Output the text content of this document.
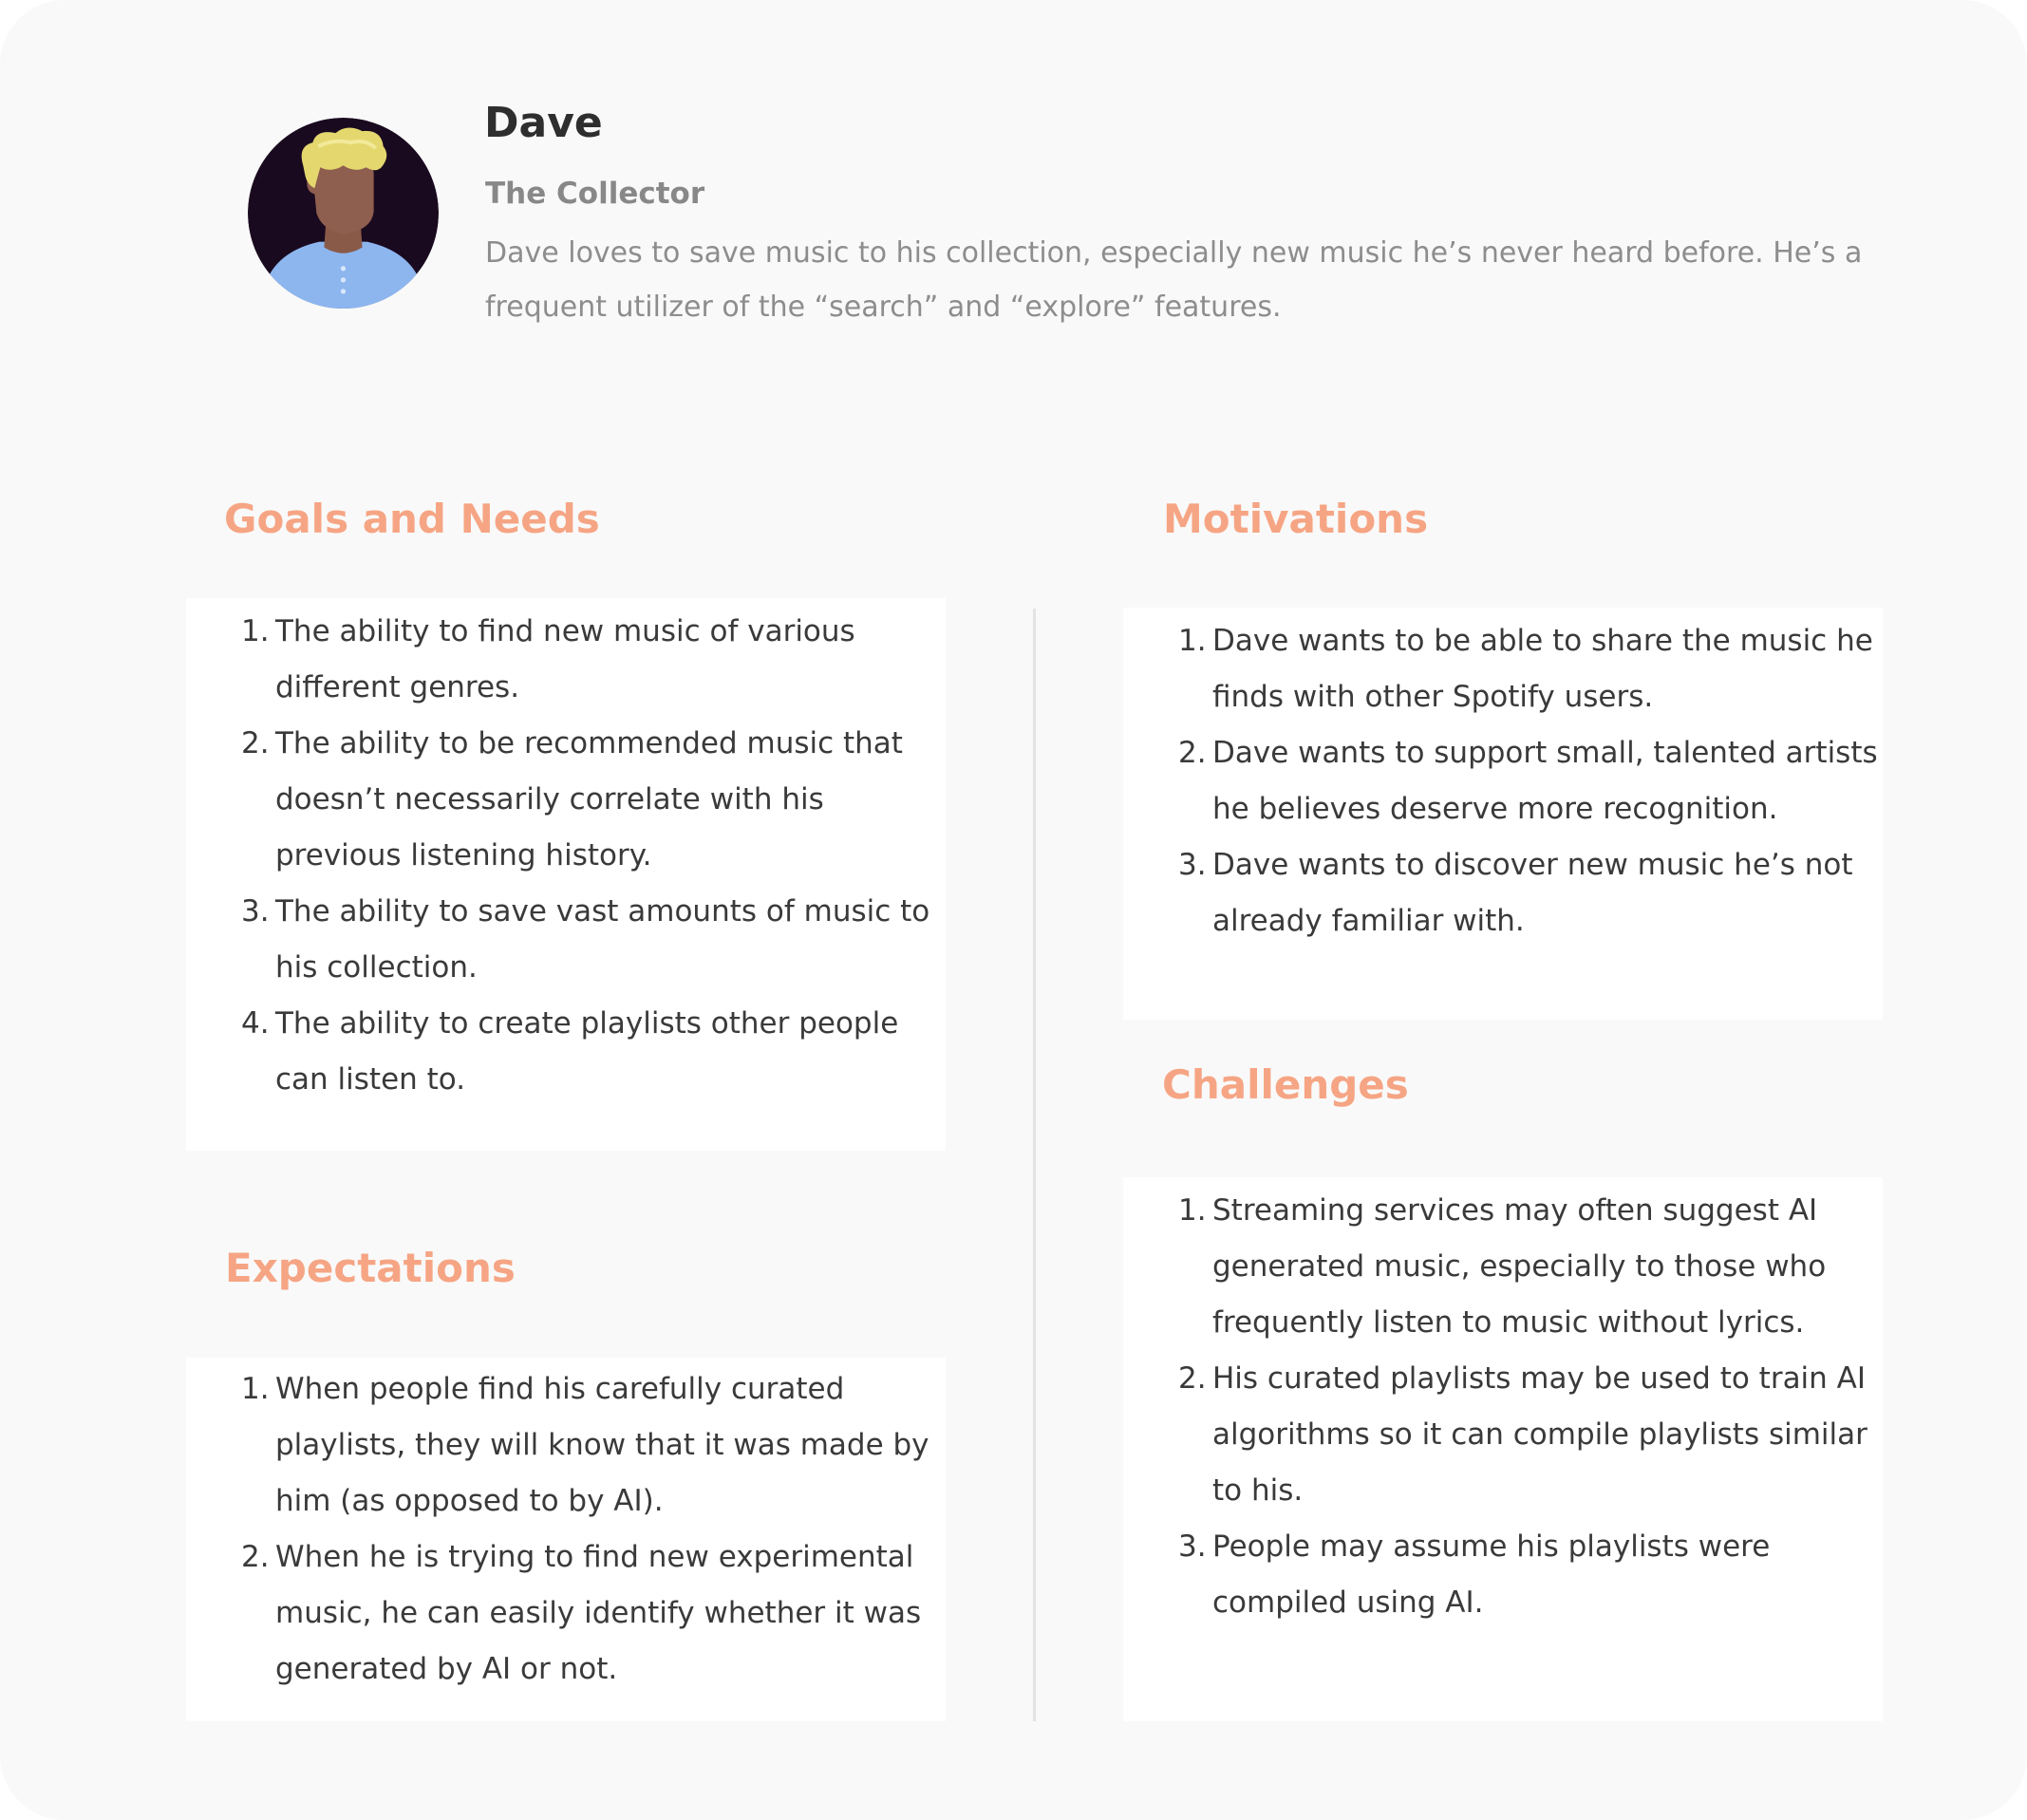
Dave
The Collector

Dave loves to save music to his collection, especially new music he’s never heard before. He’s a frequent utilizer of the “search” and “explore” features.

Goals and Needs
1. The ability to find new music of various different genres.
2. The ability to be recommended music that doesn’t necessarily correlate with his previous listening history.
3. The ability to save vast amounts of music to his collection.
4. The ability to create playlists other people can listen to.
Expectations
1. When people find his carefully curated playlists, they will know that it was made by him (as opposed to by AI).
2. When he is trying to find new experimental music, he can easily identify whether it was generated by AI or not.
Motivations
1. Dave wants to be able to share the music he finds with other Spotify users.
2. Dave wants to support small, talented artists he believes deserve more recognition.
3. Dave wants to discover new music he’s not already familiar with.
Challenges
1. Streaming services may often suggest AI generated music, especially to those who frequently listen to music without lyrics.
2. His curated playlists may be used to train AI algorithms so it can compile playlists similar to his.
3. People may assume his playlists were compiled using AI.
